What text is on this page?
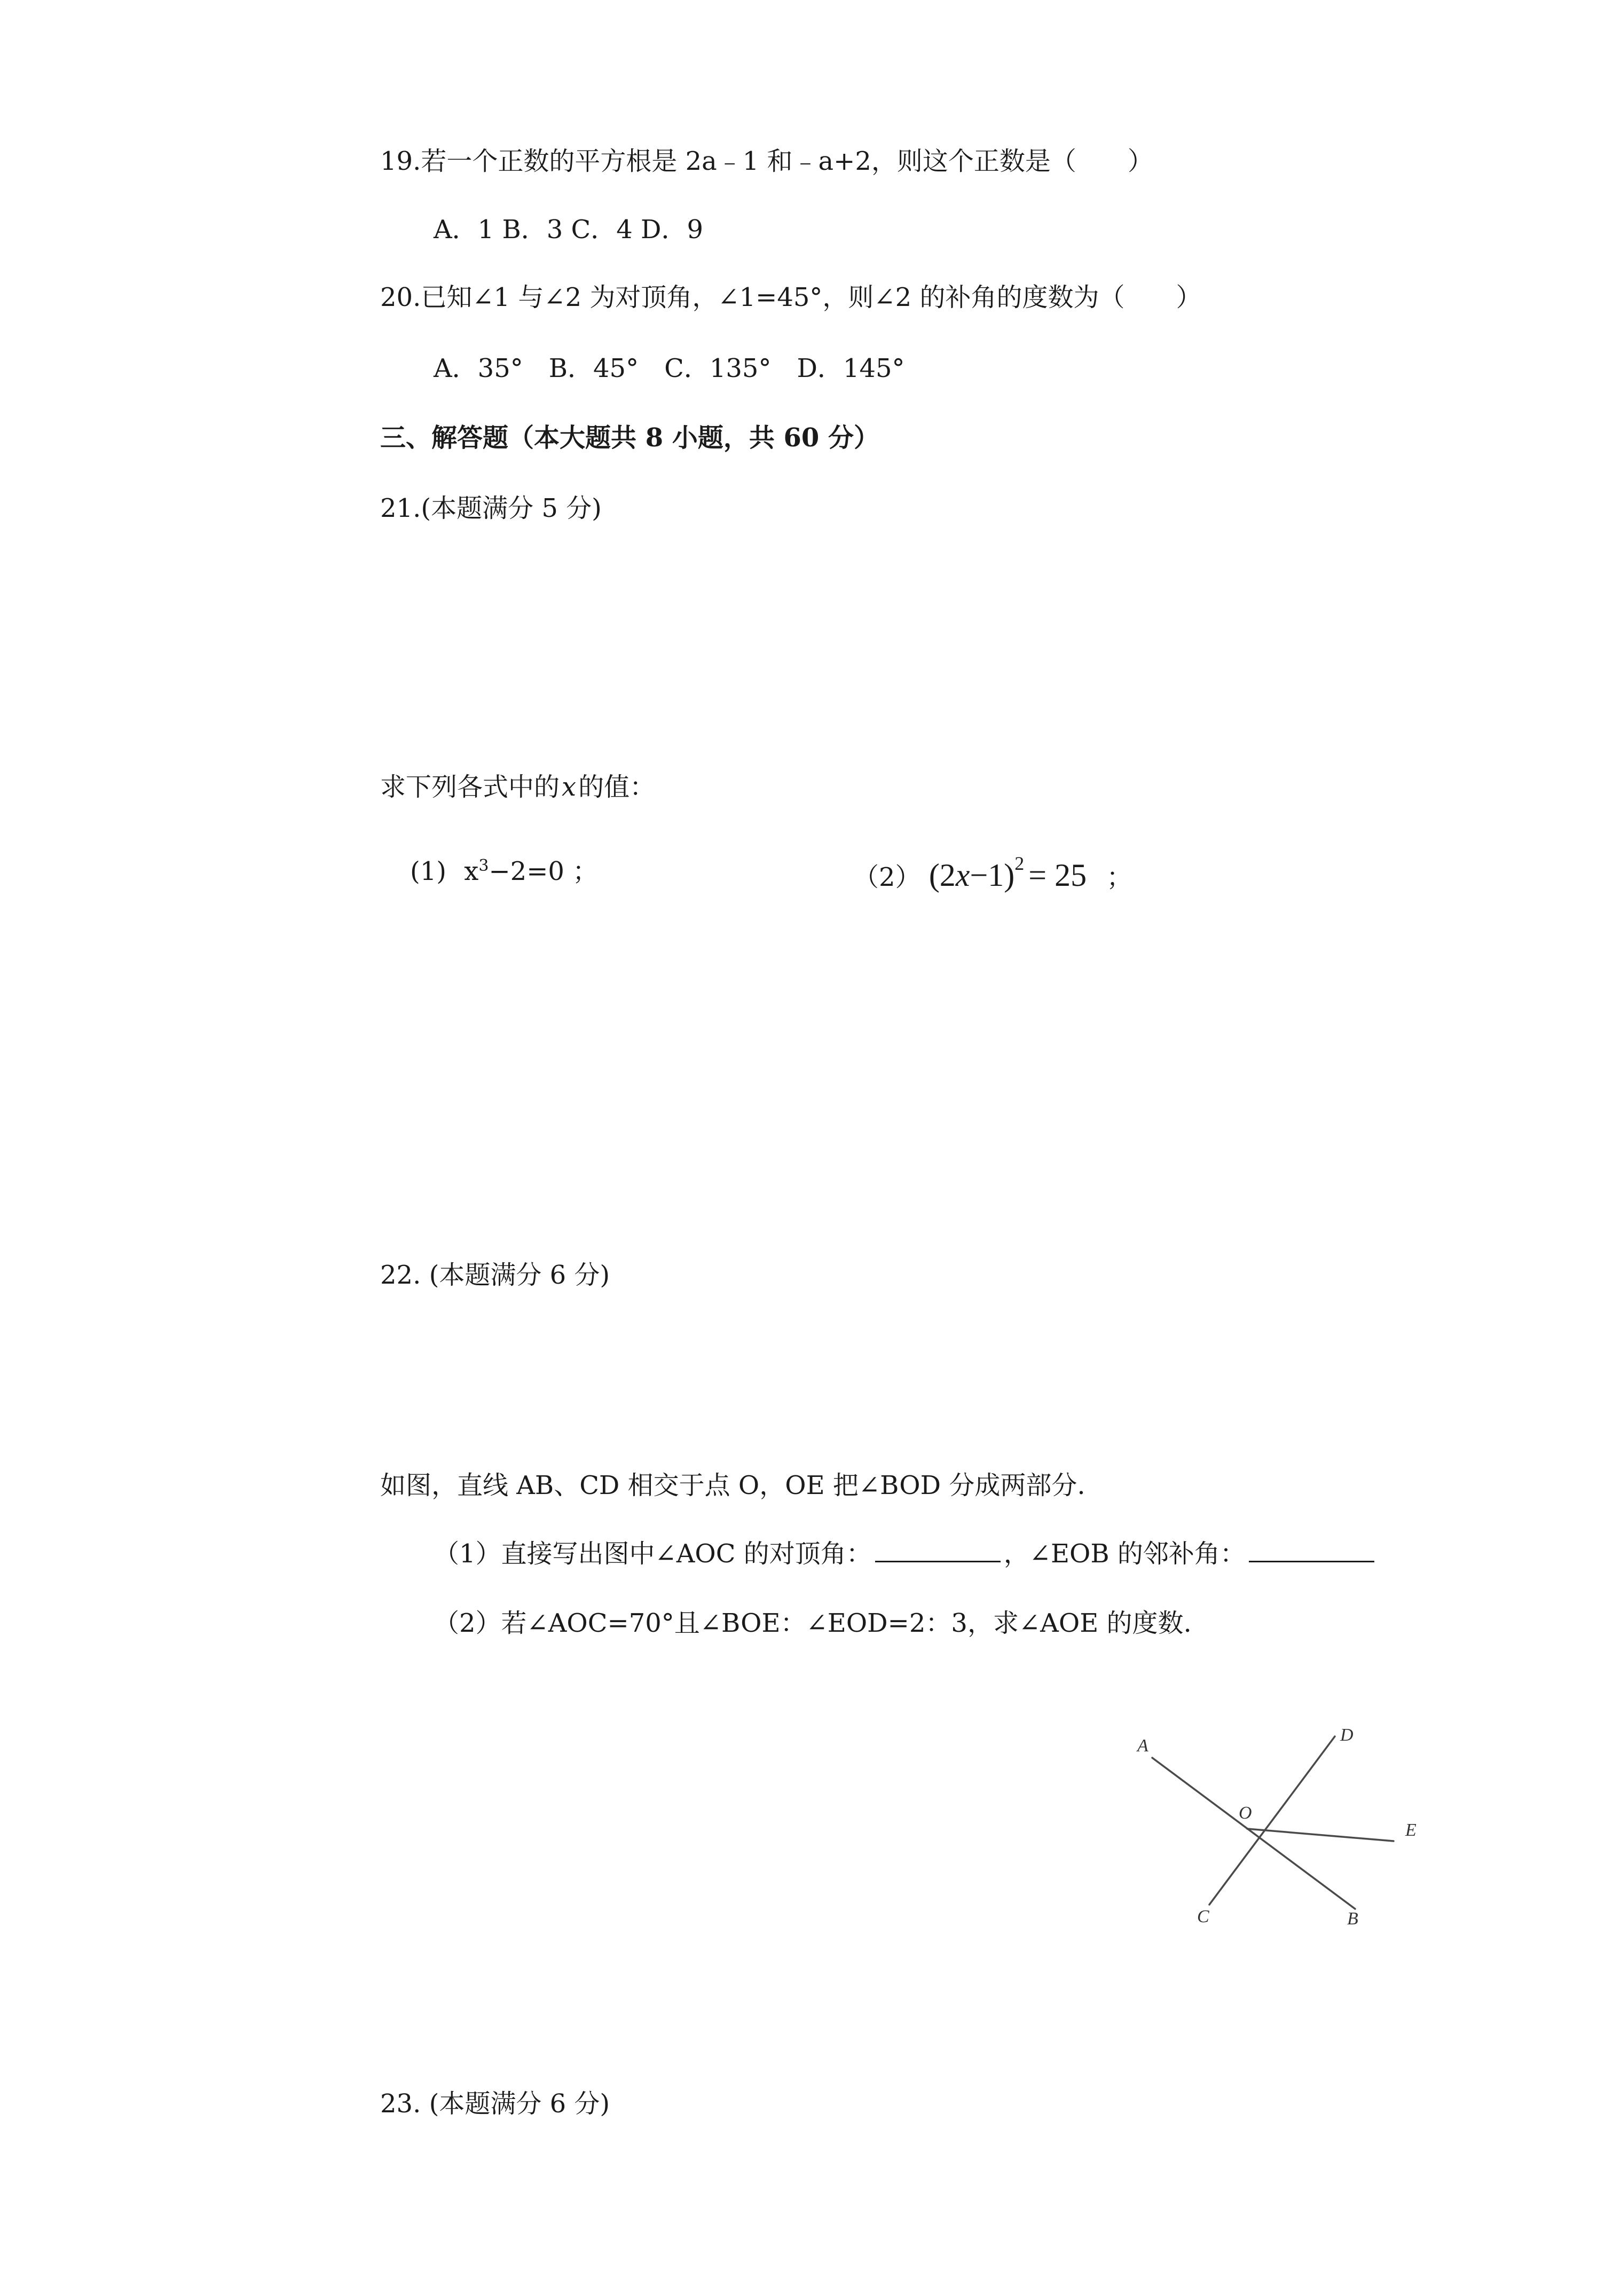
19.若一个正数的平方根是 2a﹣1 和﹣a+2，则这个正数是（　　）
A．1 B．3 C．4 D．9
20.已知∠1 与∠2 为对顶角，∠1=45°，则∠2 的补角的度数为（　　）
A．35°　B．45°　C．135°　D．145°
三、解答题（本大题共 8 小题，共 60 分）
21.(本题满分 5 分)
求下列各式中的x的值：
(1) $x^3-2=0$ ；	（2） $(2x-1)^2 = 25$ ；
22. (本题满分 6 分)
如图，直线 AB、CD 相交于点 O，OE 把∠BOD 分成两部分.
（1）直接写出图中∠AOC 的对顶角：	，∠EOB 的邻补角：
（2）若∠AOC=70°且∠BOE：∠EOD=2：3，求∠AOE 的度数.
A
D
O
E
C	B
23. (本题满分 6 分)
